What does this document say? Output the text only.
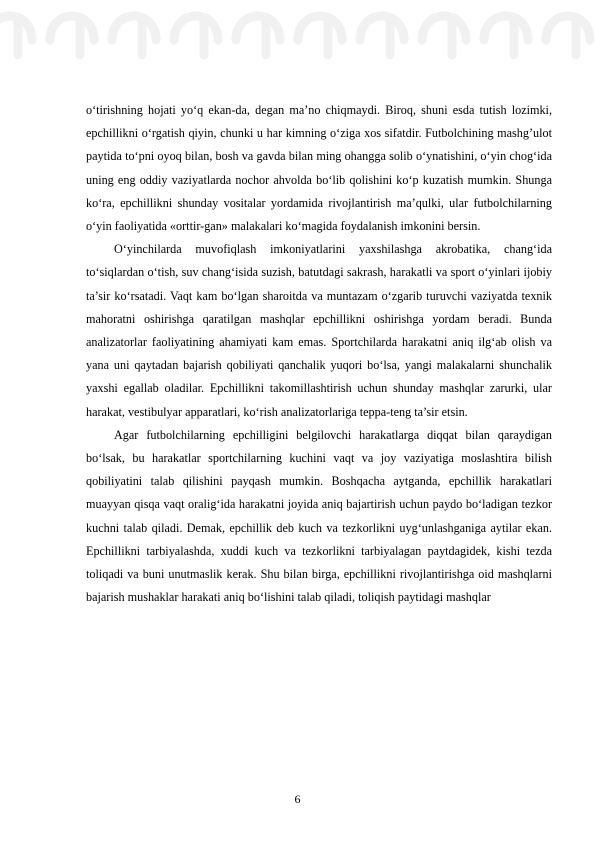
o‘tirishning hojati yo‘q ekan-da, degan ma’no chiqmaydi. Biroq, shuni esda tutish lozimki, epchillikni o‘rgatish qiyin, chunki u har kimning o‘ziga xos sifatdir. Futbolchining mashg’ulot paytida to‘pni oyoq bilan, bosh va gavda bilan ming ohangga solib o‘ynatishini, o‘yin chog‘ida uning eng oddiy vaziyatlarda nochor ahvolda bo‘lib qolishini ko‘p kuzatish mumkin. Shunga ko‘ra, epchillikni shunday vositalar yordamida rivojlantirish ma’qulki, ular futbolchilarning o‘yin faoliyatida «orttir-gan» malakalari ko‘magida foydalanish imkonini bersin.

O‘yinchilarda muvofiqlash imkoniyatlarini yaxshilashga akrobatika, chang‘ida to‘siqlardan o‘tish, suv chang‘isida suzish, batutdagi sakrash, harakatli va sport o‘yinlari ijobiy ta’sir ko‘rsatadi. Vaqt kam bo‘lgan sharoitda va muntazam o‘zgarib turuvchi vaziyatda texnik mahoratni oshirishga qaratilgan mashqlar epchillikni oshirishga yordam beradi. Bunda analizatorlar faoliyatining ahamiyati kam emas. Sportchilarda harakatni aniq ilg‘ab olish va yana uni qaytadan bajarish qobiliyati qanchalik yuqori bo‘lsa, yangi malakalarni shunchalik yaxshi egallab oladilar. Epchillikni takomillashtirish uchun shunday mashqlar zarurki, ular harakat, vestibulyar apparatlari, ko‘rish analizatorlariga teppa-teng ta’sir etsin.

Agar futbolchilarning epchilligini belgilovchi harakatlarga diqqat bilan qaraydigan bo‘lsak, bu harakatlar sportchilarning kuchini vaqt va joy vaziyatiga moslashtira bilish qobiliyatini talab qilishini payqash mumkin. Boshqacha aytganda, epchillik harakatlari muayyan qisqa vaqt oralig‘ida harakatni joyida aniq bajartirish uchun paydo bo‘ladigan tezkor kuchni talab qiladi. Demak, epchillik deb kuch va tezkorlikni uyg‘unlashganiga aytilar ekan. Epchillikni tarbiyalashda, xuddi kuch va tezkorlikni tarbiyalagan paytdagidek, kishi tezda toliqadi va buni unutmaslik kerak. Shu bilan birga, epchillikni rivojlantirishga oid mashqlarni bajarish mushaklar harakati aniq bo‘lishini talab qiladi, toliqish paytidagi mashqlar

6
